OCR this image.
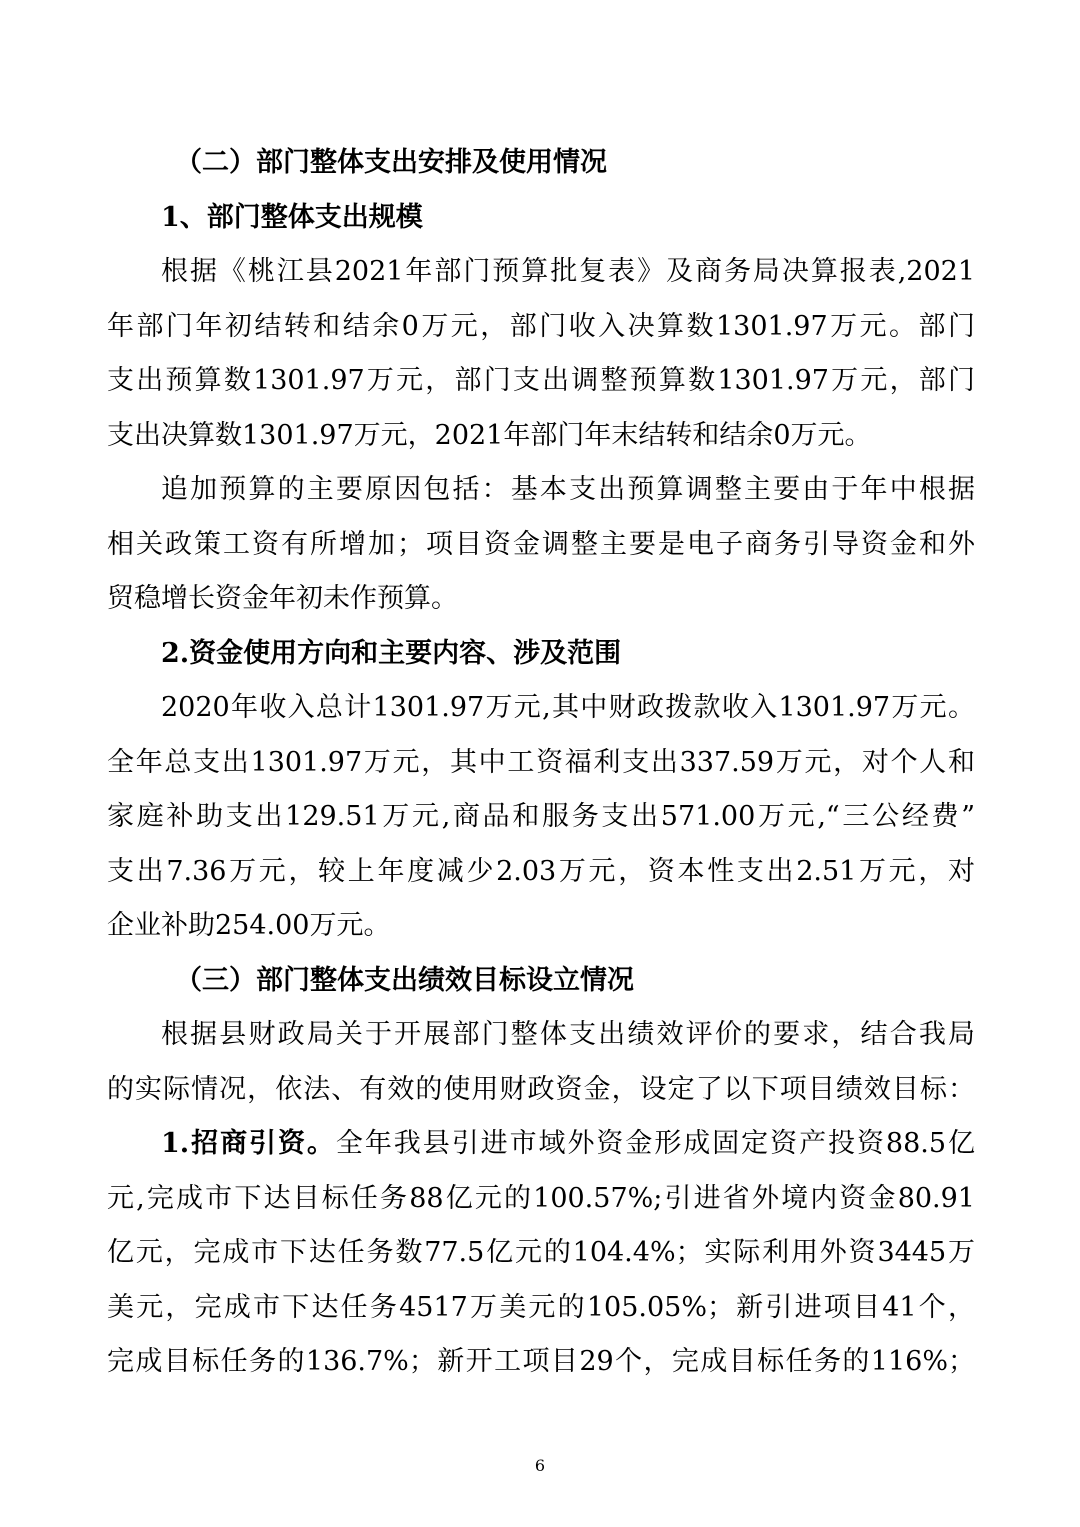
（二）部门整体支出安排及使用情况
1、部门整体支出规模
根据《桃江县2021年部门预算批复表》及商务局决算报表,2021
年部门年初结转和结余0万元，部门收入决算数1301.97万元。部门
支出预算数1301.97万元，部门支出调整预算数1301.97万元，部门
支出决算数1301.97万元，2021年部门年末结转和结余0万元。
追加预算的主要原因包括：基本支出预算调整主要由于年中根据
相关政策工资有所增加；项目资金调整主要是电子商务引导资金和外
贸稳增长资金年初未作预算。
2.资金使用方向和主要内容、涉及范围
2020年收入总计1301.97万元,其中财政拨款收入1301.97万元。
全年总支出1301.97万元，其中工资福利支出337.59万元，对个人和
家庭补助支出129.51万元,商品和服务支出571.00万元,“三公经费”
支出7.36万元，较上年度减少2.03万元，资本性支出2.51万元，对
企业补助254.00万元。
（三）部门整体支出绩效目标设立情况
根据县财政局关于开展部门整体支出绩效评价的要求，结合我局
的实际情况，依法、有效的使用财政资金，设定了以下项目绩效目标：
1.招商引资。全年我县引进市域外资金形成固定资产投资88.5亿
元,完成市下达目标任务88亿元的100.57%;引进省外境内资金80.91
亿元，完成市下达任务数77.5亿元的104.4%；实际利用外资3445万
美元，完成市下达任务4517万美元的105.05%；新引进项目41个，
完成目标任务的136.7%；新开工项目29个，完成目标任务的116%；
6
